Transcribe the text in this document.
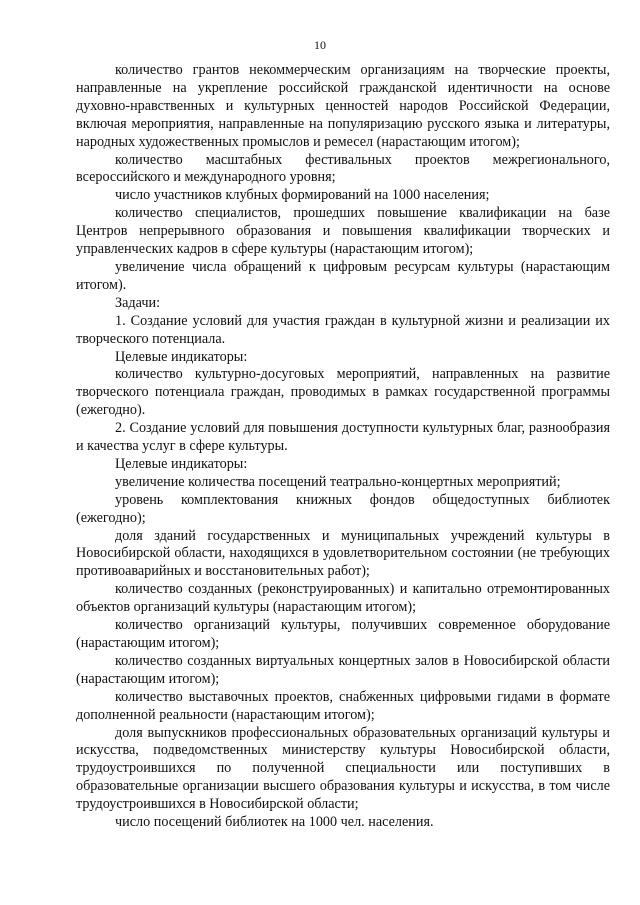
10

количество грантов некоммерческим организациям на творческие проекты, направленные на укрепление российской гражданской идентичности на основе духовно-нравственных и культурных ценностей народов Российской Федерации, включая мероприятия, направленные на популяризацию русского языка и литературы, народных художественных промыслов и ремесел (нарастающим итогом);

количество масштабных фестивальных проектов межрегионального, всероссийского и международного уровня;

число участников клубных формирований на 1000 населения;

количество специалистов, прошедших повышение квалификации на базе Центров непрерывного образования и повышения квалификации творческих и управленческих кадров в сфере культуры (нарастающим итогом);

увеличение числа обращений к цифровым ресурсам культуры (нарастающим итогом).

Задачи:

1. Создание условий для участия граждан в культурной жизни и реализации их творческого потенциала.

Целевые индикаторы:

количество культурно-досуговых мероприятий, направленных на развитие творческого потенциала граждан, проводимых в рамках государственной программы (ежегодно).

2. Создание условий для повышения доступности культурных благ, разнообразия и качества услуг в сфере культуры.

Целевые индикаторы:

увеличение количества посещений театрально-концертных мероприятий;

уровень комплектования книжных фондов общедоступных библиотек (ежегодно);

доля зданий государственных и муниципальных учреждений культуры в Новосибирской области, находящихся в удовлетворительном состоянии (не требующих противоаварийных и восстановительных работ);

количество созданных (реконструированных) и капитально отремонтированных объектов организаций культуры (нарастающим итогом);

количество организаций культуры, получивших современное оборудование (нарастающим итогом);

количество созданных виртуальных концертных залов в Новосибирской области (нарастающим итогом);

количество выставочных проектов, снабженных цифровыми гидами в формате дополненной реальности (нарастающим итогом);

доля выпускников профессиональных образовательных организаций культуры и искусства, подведомственных министерству культуры Новосибирской области, трудоустроившихся по полученной специальности или поступивших в образовательные организации высшего образования культуры и искусства, в том числе трудоустроившихся в Новосибирской области;

число посещений библиотек на 1000 чел. населения.
